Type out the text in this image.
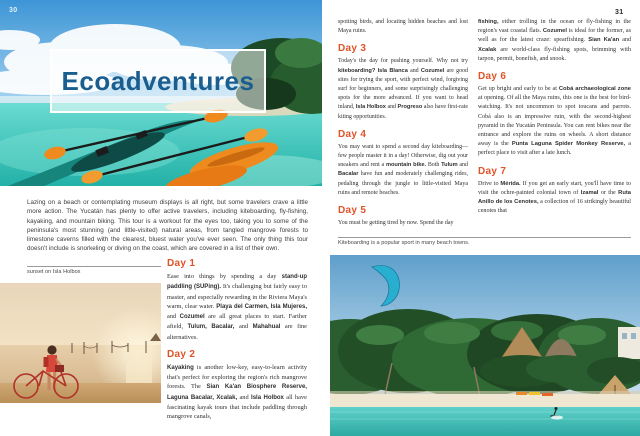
30
Ecoadventures

Lazing on a beach or contemplating museum displays is all right, but some travelers crave a little more action. The Yucatán has plenty to offer active travelers, including kiteboarding, fly-fishing, kayaking, and mountain biking. This tour is a workout for the eyes too, taking you to some of the peninsula's most stunning (and little-visited) natural areas, from tangled mangrove forests to limestone caverns filled with the clearest, bluest water you've ever seen. The only thing this tour doesn't include is snorkeling or diving on the coast, which are covered in a list of their own.

sunset on Isla Holbox
Day 1

Ease into things by spending a day stand-up paddling (SUPing). It's challenging but fairly easy to master, and especially rewarding in the Riviera Maya's warm, clear water. Playa del Carmen, Isla Mujeres, and Cozumel are all great places to start. Farther afield, Tulum, Bacalar, and Mahahual are fine alternatives.

Day 2

Kayaking is another low-key, easy-to-learn activity that's perfect for exploring the region's rich mangrove forests. The Sian Ka'an Biosphere Reserve, Laguna Bacalar, Xcalak, and Isla Holbox all have fascinating kayak tours that include paddling through mangrove canals,

31

spotting birds, and locating hidden beaches and lost Maya ruins.

Day 3

Today's the day for pushing yourself. Why not try kiteboarding? Isla Blanca and Cozumel are good sites for trying the sport, with perfect wind, forgiving surf for beginners, and some surprisingly challenging spots for the more advanced. If you want to head inland, Isla Holbox and Progreso also have first-rate kiting opportunities.

Day 4

You may want to spend a second day kiteboarding—few people master it in a day! Otherwise, dig out your sneakers and rent a mountain bike. Both Tulum and Bacalar have fun and moderately challenging rides, pedaling through the jungle to little-visited Maya ruins and remote beaches.

Day 5

You must be getting tired by now. Spend the day

fishing, either trolling in the ocean or fly-fishing in the region's vast coastal flats. Cozumel is ideal for the former, as well as for the latest craze: spearfishing. Sian Ka'an and Xcalak are world-class fly-fishing spots, brimming with tarpon, permit, bonefish, and snook.

Day 6

Get up bright and early to be at Cobá archaeological zone at opening. Of all the Maya ruins, this one is the best for bird-watching. It's not uncommon to spot toucans and parrots. Cobá also is an impressive ruin, with the second-highest pyramid in the Yucatán Peninsula. You can rent bikes near the entrance and explore the ruins on wheels. A short distance away is the Punta Laguna Spider Monkey Reserve, a perfect place to visit after a late lunch.

Day 7

Drive to Mérida. If you get an early start, you'll have time to visit the ochre-painted colonial town of Izamal or the Ruta Anillo de los Cenotes, a collection of 16 strikingly beautiful cenotes that

Kiteboarding is a popular sport in many beach towns.
